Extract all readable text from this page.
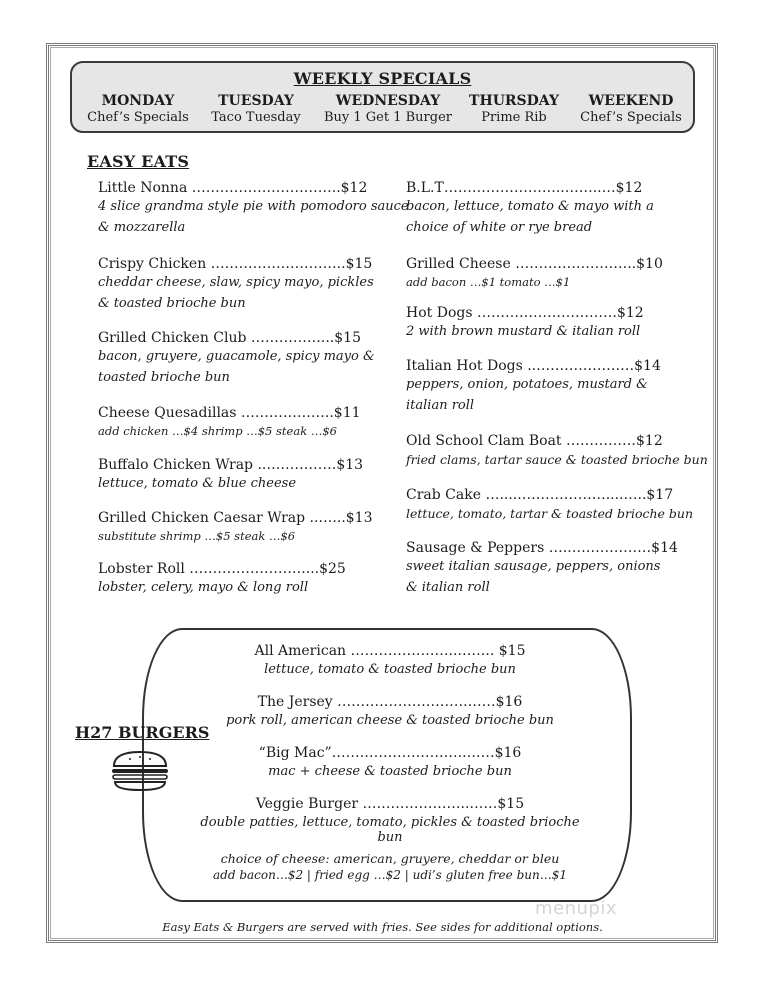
WEEKLY SPECIALS
MONDAY
Chef’s Specials
TUESDAY
Taco Tuesday
WEDNESDAY
Buy 1 Get 1 Burger
THURSDAY
Prime Rib
WEEKEND
Chef’s Specials
EASY EATS
Little Nonna …………………………..$12
4 slice grandma style pie with pomodoro sauce
& mozzarella
Crispy Chicken ………………………..$15
cheddar cheese, slaw, spicy mayo, pickles
& toasted brioche bun
Grilled Chicken Club ……………...$15
bacon, gruyere, guacamole, spicy mayo &
toasted brioche bun
Cheese Quesadillas ………………..$11
add chicken …$4 shrimp …$5 steak …$6
Buffalo Chicken Wrap ..……………$13
lettuce, tomato & blue cheese
Grilled Chicken Caesar Wrap ..…...$13
substitute shrimp …$5 steak …$6
Lobster Roll ……………………....$25
lobster, celery, mayo & long roll
B.L.T……………………..……..…$12
bacon, lettuce, tomato & mayo with a
choice of white or rye bread
Grilled Cheese ……………………..$10
add bacon …$1 tomato …$1
Hot Dogs …………………………$12
2 with brown mustard & italian roll
Italian Hot Dogs ..…………………$14
peppers, onion, potatoes, mustard &
italian roll
Old School Clam Boat ……………$12
fried clams, tartar sauce & toasted brioche bun
Crab Cake ….....………………....…..$17
lettuce, tomato, tartar & toasted brioche bun
Sausage & Peppers ….………………$14
sweet italian sausage, peppers, onions
& italian roll
H27 BURGERS
All American …………………..…….. $15
lettuce, tomato & toasted brioche bun
The Jersey ……………………….……$16
pork roll, american cheese & toasted brioche bun
“Big Mac”………………………..……$16
mac + cheese & toasted brioche bun
Veggie Burger …………………..……$15
double patties, lettuce, tomato, pickles & toasted brioche bun
choice of cheese: american, gruyere, cheddar or bleu
add bacon…$2 | fried egg …$2 | udi’s gluten free bun…$1
menupix
Easy Eats & Burgers are served with fries. See sides for additional options.
